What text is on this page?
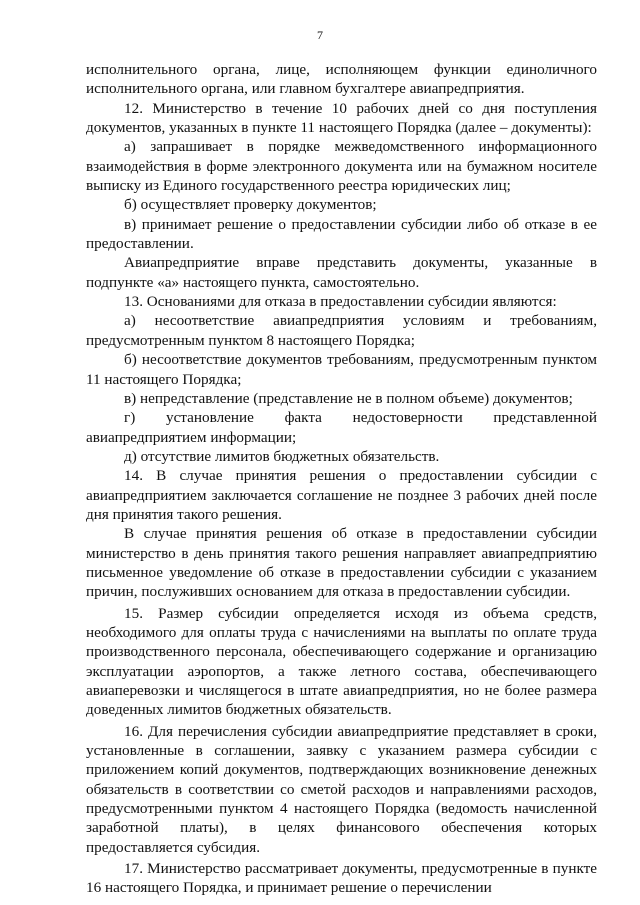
7

исполнительного органа, лице, исполняющем функции единоличного исполнительного органа, или главном бухгалтере авиапредприятия.

12. Министерство в течение 10 рабочих дней со дня поступления документов, указанных в пункте 11 настоящего Порядка (далее – документы):

а) запрашивает в порядке межведомственного информационного взаимодействия в форме электронного документа или на бумажном носителе выписку из Единого государственного реестра юридических лиц;

б) осуществляет проверку документов;

в) принимает решение о предоставлении субсидии либо об отказе в ее предоставлении.

Авиапредприятие вправе представить документы, указанные в подпункте «а» настоящего пункта, самостоятельно.

13. Основаниями для отказа в предоставлении субсидии являются:

а) несоответствие авиапредприятия условиям и требованиям, предусмотренным пунктом 8 настоящего Порядка;

б) несоответствие документов требованиям, предусмотренным пунктом 11 настоящего Порядка;

в) непредставление (представление не в полном объеме) документов;

г) установление факта недостоверности представленной авиапредприятием информации;

д) отсутствие лимитов бюджетных обязательств.

14. В случае принятия решения о предоставлении субсидии с авиапредприятием заключается соглашение не позднее 3 рабочих дней после дня принятия такого решения.

В случае принятия решения об отказе в предоставлении субсидии министерство в день принятия такого решения направляет авиапредприятию письменное уведомление об отказе в предоставлении субсидии с указанием причин, послуживших основанием для отказа в предоставлении субсидии.

15. Размер субсидии определяется исходя из объема средств, необходимого для оплаты труда с начислениями на выплаты по оплате труда производственного персонала, обеспечивающего содержание и организацию эксплуатации аэропортов, а также летного состава, обеспечивающего авиаперевозки и числящегося в штате авиапредприятия, но не более размера доведенных лимитов бюджетных обязательств.

16. Для перечисления субсидии авиапредприятие представляет в сроки, установленные в соглашении, заявку с указанием размера субсидии с приложением копий документов, подтверждающих возникновение денежных обязательств в соответствии со сметой расходов и направлениями расходов, предусмотренными пунктом 4 настоящего Порядка (ведомость начисленной заработной платы), в целях финансового обеспечения которых предоставляется субсидия.

17. Министерство рассматривает документы, предусмотренные в пункте 16 настоящего Порядка, и принимает решение о перечислении
